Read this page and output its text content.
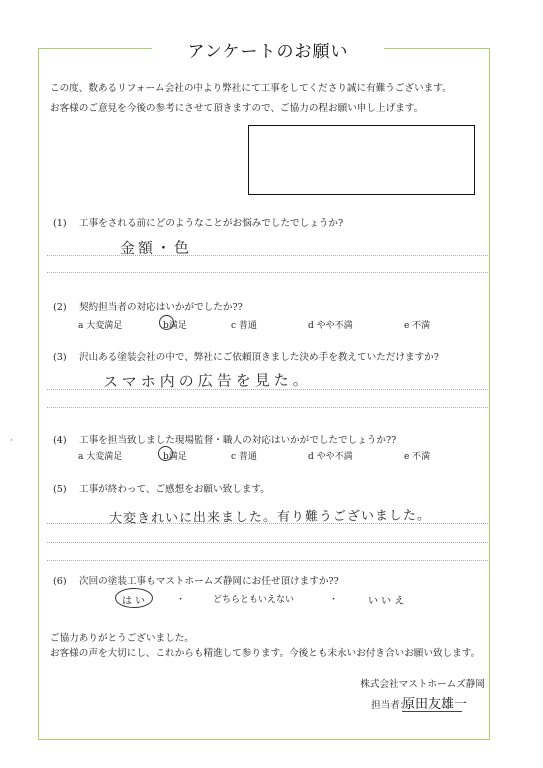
アンケートのお願い
この度、数あるリフォーム会社の中より弊社にて工事をしてくださり誠に有難うございます。
お客様のご意見を今後の参考にさせて頂きますので、ご協力の程お願い申し上げます。
(1) 工事をされる前にどのようなことがお悩みでしたでしょうか?
金額・色
(2) 契約担当者の対応はいかがでしたか??
a 大変満足	b満足	c 普通	d やや不満	e 不満
(3) 沢山ある塗装会社の中で、弊社にご依頼頂きました決め手を教えていただけますか?
スマホ内の広告を見た。
(4) 工事を担当致しました現場監督・職人の対応はいかがでしたでしょうか??
a 大変満足	b満足	c 普通	d やや不満	e 不満
(5) 工事が終わって、ご感想をお願い致します。
大変きれいに出来ました。有り難うございました。
(6) 次回の塗装工事もマストホームズ静岡にお任せ頂けますか??
は い	・	どちらともいえない	・	い い え
ご協力ありがとうございました。
お客様の声を大切にし、これからも精進して参ります。今後とも末永いお付き合いお願い致します。
株式会社マストホームズ静岡
担当者：
原田友雄一
·
